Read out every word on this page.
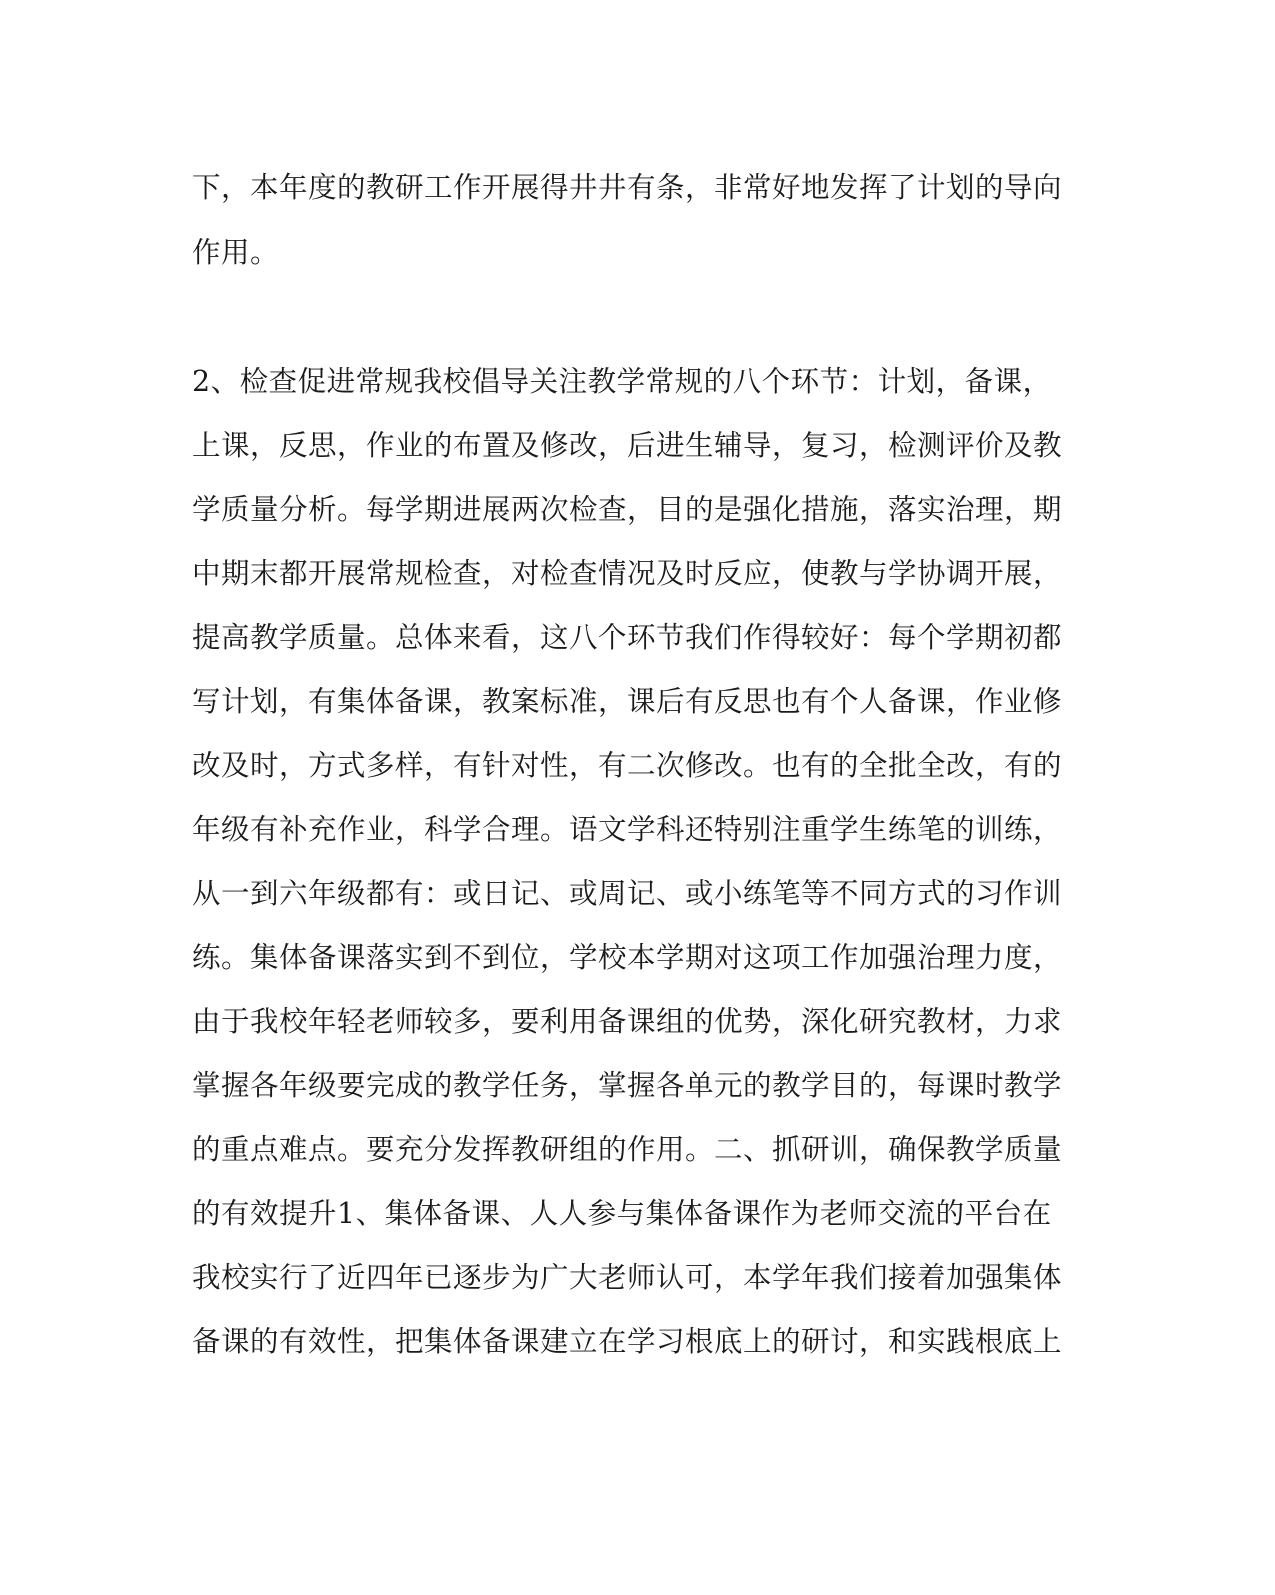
下，本年度的教研工作开展得井井有条，非常好地发挥了计划的导向

作用。

2、检查促进常规我校倡导关注教学常规的八个环节：计划，备课，

上课，反思，作业的布置及修改，后进生辅导，复习，检测评价及教

学质量分析。每学期进展两次检查，目的是强化措施，落实治理，期

中期末都开展常规检查，对检查情况及时反应，使教与学协调开展，

提高教学质量。总体来看，这八个环节我们作得较好：每个学期初都

写计划，有集体备课，教案标准，课后有反思也有个人备课，作业修

改及时，方式多样，有针对性，有二次修改。也有的全批全改，有的

年级有补充作业，科学合理。语文学科还特别注重学生练笔的训练，

从一到六年级都有：或日记、或周记、或小练笔等不同方式的习作训

练。集体备课落实到不到位，学校本学期对这项工作加强治理力度，

由于我校年轻老师较多，要利用备课组的优势，深化研究教材，力求

掌握各年级要完成的教学任务，掌握各单元的教学目的，每课时教学

的重点难点。要充分发挥教研组的作用。二、抓研训，确保教学质量

的有效提升1、集体备课、人人参与集体备课作为老师交流的平台在

我校实行了近四年已逐步为广大老师认可，本学年我们接着加强集体

备课的有效性，把集体备课建立在学习根底上的研讨，和实践根底上
